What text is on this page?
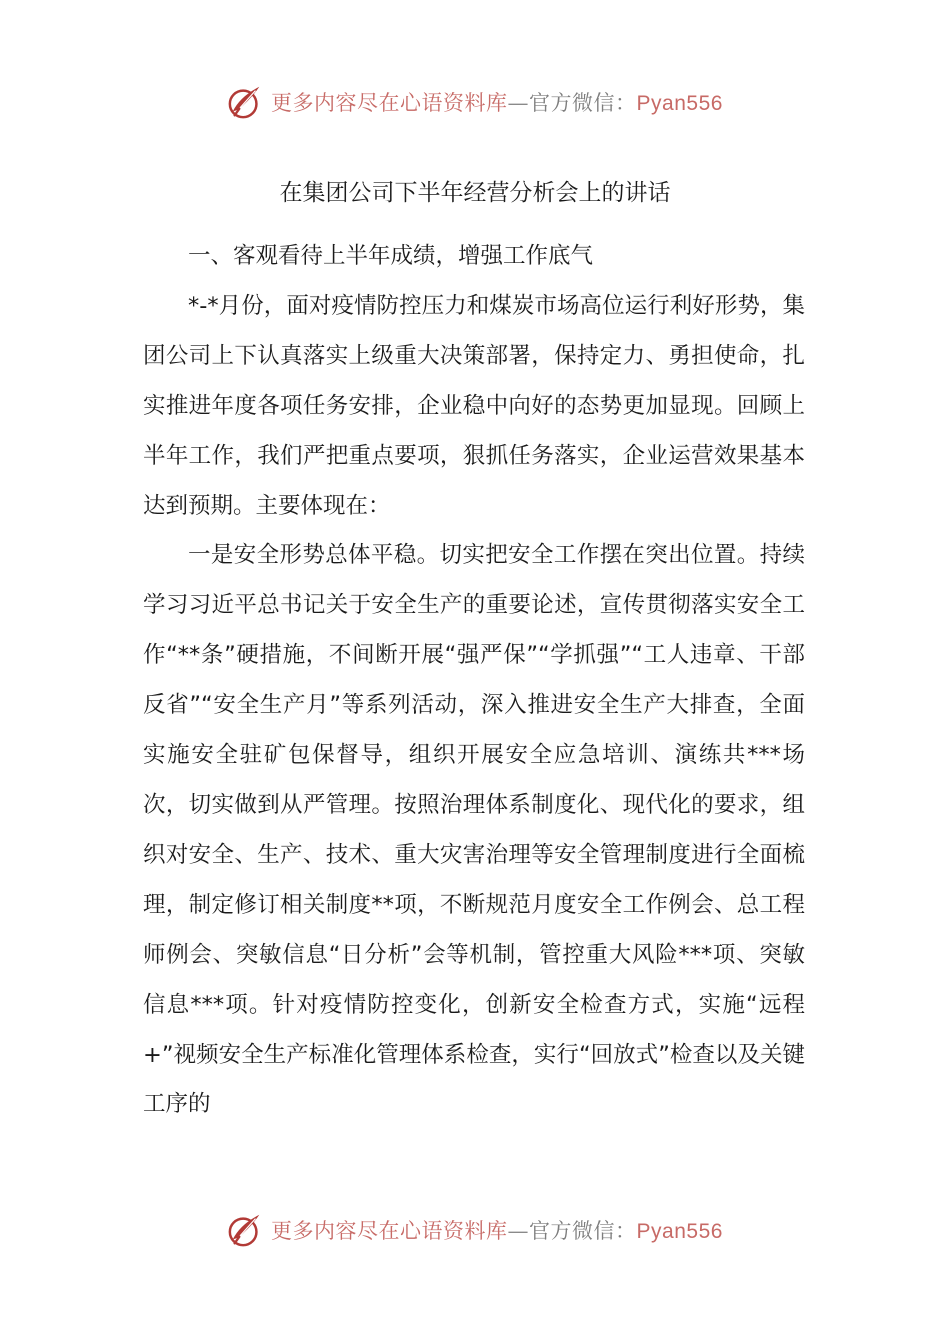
更多内容尽在心语资料库—官方微信：Pyan556
在集团公司下半年经营分析会上的讲话

一、客观看待上半年成绩，增强工作底气

*-*月份，面对疫情防控压力和煤炭市场高位运行利好形势，集团公司上下认真落实上级重大决策部署，保持定力、勇担使命，扎实推进年度各项任务安排，企业稳中向好的态势更加显现。回顾上半年工作，我们严把重点要项，狠抓任务落实，企业运营效果基本达到预期。主要体现在：

一是安全形势总体平稳。切实把安全工作摆在突出位置。持续学习习近平总书记关于安全生产的重要论述，宣传贯彻落实安全工作“**条”硬措施，不间断开展“强严保”“学抓强”“工人违章、干部反省”“安全生产月”等系列活动，深入推进安全生产大排查，全面实施安全驻矿包保督导，组织开展安全应急培训、演练共***场次，切实做到从严管理。按照治理体系制度化、现代化的要求，组织对安全、生产、技术、重大灾害治理等安全管理制度进行全面梳理，制定修订相关制度**项，不断规范月度安全工作例会、总工程师例会、突敏信息“日分析”会等机制，管控重大风险***项、突敏信息***项。针对疫情防控变化，创新安全检查方式，实施“远程+”视频安全生产标准化管理体系检查，实行“回放式”检查以及关键工序的

更多内容尽在心语资料库—官方微信：Pyan556
